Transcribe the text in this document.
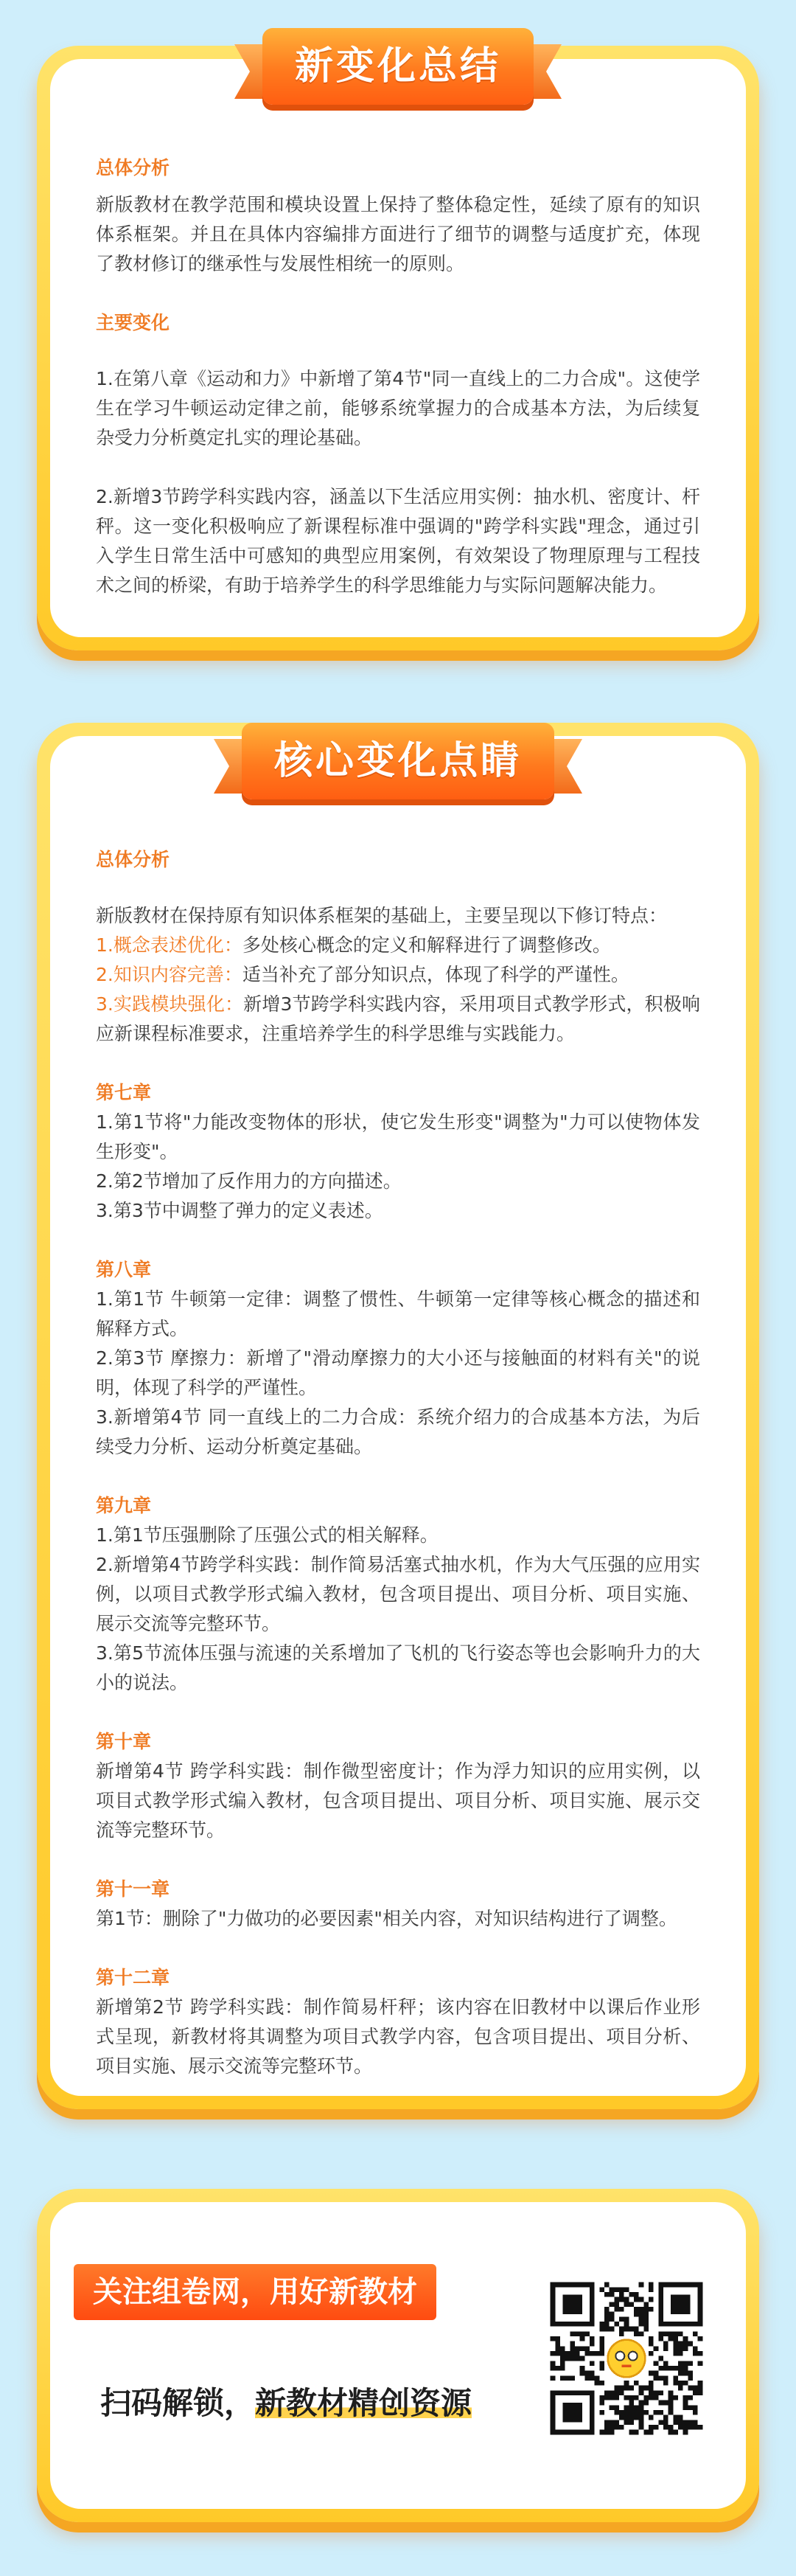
总体分析

新版教材在教学范围和模块设置上保持了整体稳定性，延续了原有的知识体系框架。并且在具体内容编排方面进行了细节的调整与适度扩充，体现了教材修订的继承性与发展性相统一的原则。

主要变化

1.在第八章《运动和力》中新增了第4节"同一直线上的二力合成"。这使学生在学习牛顿运动定律之前，能够系统掌握力的合成基本方法，为后续复杂受力分析奠定扎实的理论基础。

2.新增3节跨学科实践内容，涵盖以下生活应用实例：抽水机、密度计、杆秤。这一变化积极响应了新课程标准中强调的"跨学科实践"理念，通过引入学生日常生活中可感知的典型应用案例，有效架设了物理原理与工程技术之间的桥梁，有助于培养学生的科学思维能力与实际问题解决能力。

新变化总结

总体分析

新版教材在保持原有知识体系框架的基础上，主要呈现以下修订特点：

1.概念表述优化：多处核心概念的定义和解释进行了调整修改。

2.知识内容完善：适当补充了部分知识点，体现了科学的严谨性。

3.实践模块强化：新增3节跨学科实践内容，采用项目式教学形式，积极响应新课程标准要求，注重培养学生的科学思维与实践能力。

第七章

1.第1节将"力能改变物体的形状，使它发生形变"调整为"力可以使物体发生形变"。

2.第2节增加了反作用力的方向描述。

3.第3节中调整了弹力的定义表述。

第八章

1.第1节 牛顿第一定律：调整了惯性、牛顿第一定律等核心概念的描述和解释方式。

2.第3节 摩擦力：新增了"滑动摩擦力的大小还与接触面的材料有关"的说明，体现了科学的严谨性。

3.新增第4节 同一直线上的二力合成：系统介绍力的合成基本方法，为后续受力分析、运动分析奠定基础。

第九章

1.第1节压强删除了压强公式的相关解释。

2.新增第4节跨学科实践：制作简易活塞式抽水机，作为大气压强的应用实例，以项目式教学形式编入教材，包含项目提出、项目分析、项目实施、展示交流等完整环节。

3.第5节流体压强与流速的关系增加了飞机的飞行姿态等也会影响升力的大小的说法。

第十章

新增第4节 跨学科实践：制作微型密度计；作为浮力知识的应用实例，以项目式教学形式编入教材，包含项目提出、项目分析、项目实施、展示交流等完整环节。

第十一章

第1节：删除了"力做功的必要因素"相关内容，对知识结构进行了调整。

第十二章

新增第2节 跨学科实践：制作简易杆秤；该内容在旧教材中以课后作业形式呈现，新教材将其调整为项目式教学内容，包含项目提出、项目分析、项目实施、展示交流等完整环节。

核心变化点睛
关注组卷网，用好新教材
扫码解锁，新教材精创资源
